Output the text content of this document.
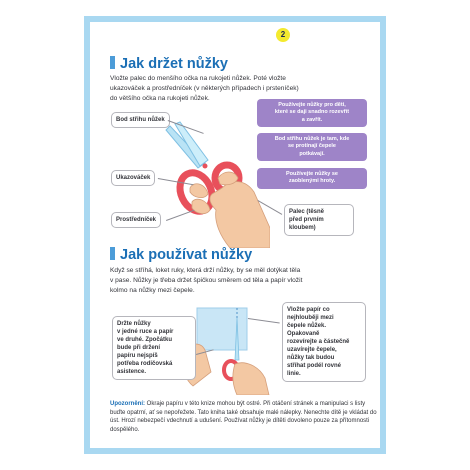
2
Jak držet nůžky
Vložte palec do menšího očka na rukojeti nůžek. Poté vložte
ukazováček a prostředníček (v některých případech i prsteníček)
do většího očka na rukojeti nůžek.
Bod střihu nůžek
Ukazováček
Prostředníček
Palec (těsně
před prvním
kloubem)
Používejte nůžky pro děti,
které se daji snadno rozevřít
a zavřít.
Bod střihu nůžek je tam, kde
se protínají čepele
potkávají.
Používejte nůžky se
zaoblenými hroty.
Jak používat nůžky
Když se stříhá, loket ruky, která drží nůžky, by se měl dotýkat těla
v pase. Nůžky je třeba držet špičkou směrem od těla a papír vložit
kolmo na nůžky mezi čepele.
Držte nůžky
v jedné ruce a papír
ve druhé. Zpočátku
bude při držení
papíru nejspíš
potřeba rodičovská
asistence.
Vložte papír co
nejhlouběji mezi
čepele nůžek.
Opakovaně
rozevírejte a částečně
uzavírejte čepele,
nůžky tak budou
stříhat podél rovné
linie.
Upozornění: Okraje papíru v této knize mohou být ostré. Při otáčení stránek a manipulaci s listy buďte opatrní, ať se nepořežete. Tato kniha také obsahuje malé nálepky. Nenechte dítě je vkládat do úst. Hrozí nebezpečí vdechnutí a udušení. Používat nůžky je dítěti dovoleno pouze za přítomnosti dospělého.
